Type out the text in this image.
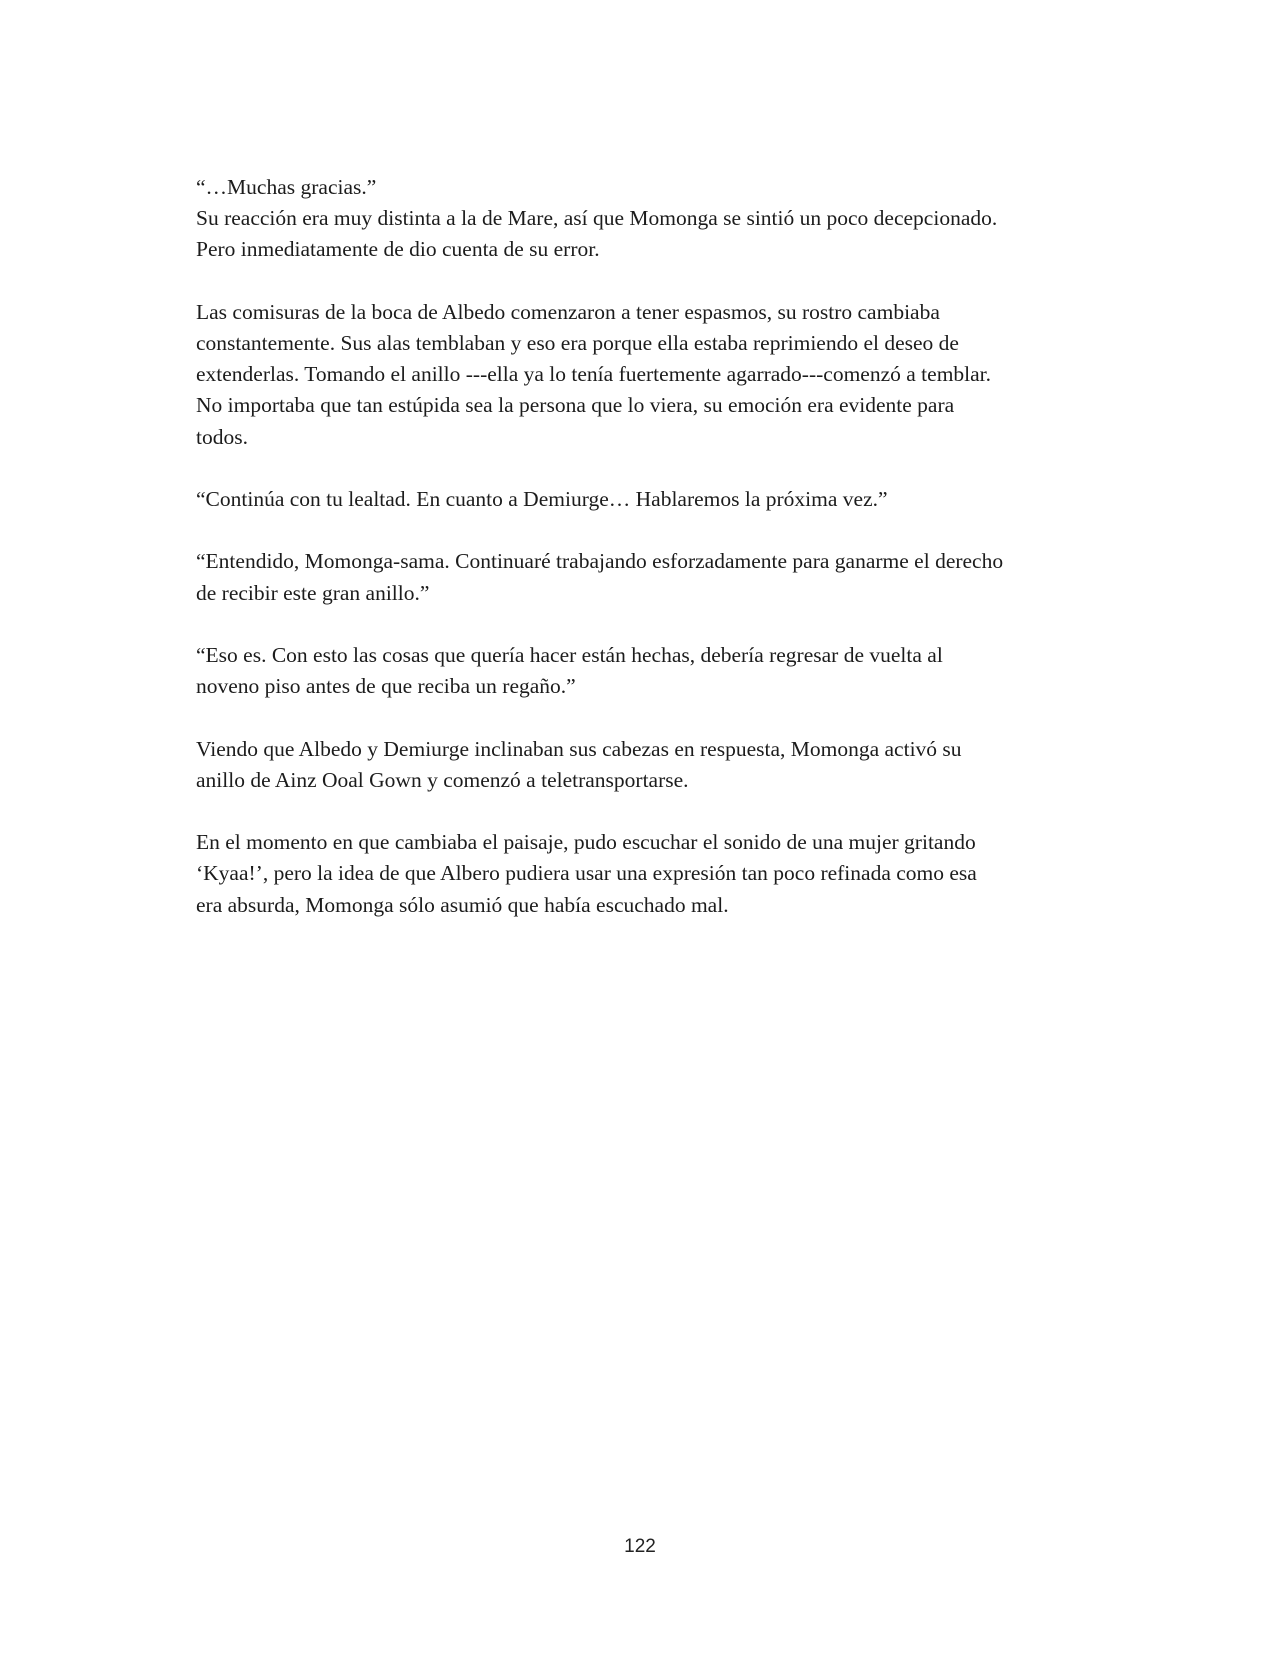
“…Muchas gracias.”
Su reacción era muy distinta a la de Mare, así que Momonga se sintió un poco decepcionado.
Pero inmediatamente de dio cuenta de su error.

Las comisuras de la boca de Albedo comenzaron a tener espasmos, su rostro cambiaba
constantemente. Sus alas temblaban y eso era porque ella estaba reprimiendo el deseo de
extenderlas. Tomando el anillo ---ella ya lo tenía fuertemente agarrado---comenzó a temblar.
No importaba que tan estúpida sea la persona que lo viera, su emoción era evidente para
todos.

“Continúa con tu lealtad. En cuanto a Demiurge… Hablaremos la próxima vez.”

“Entendido, Momonga-sama. Continuaré trabajando esforzadamente para ganarme el derecho
de recibir este gran anillo.”

“Eso es. Con esto las cosas que quería hacer están hechas, debería regresar de vuelta al
noveno piso antes de que reciba un regaño.”

Viendo que Albedo y Demiurge inclinaban sus cabezas en respuesta, Momonga activó su
anillo de Ainz Ooal Gown y comenzó a teletransportarse.

En el momento en que cambiaba el paisaje, pudo escuchar el sonido de una mujer gritando
‘Kyaa!’, pero la idea de que Albero pudiera usar una expresión tan poco refinada como esa
era absurda, Momonga sólo asumió que había escuchado mal.

122
